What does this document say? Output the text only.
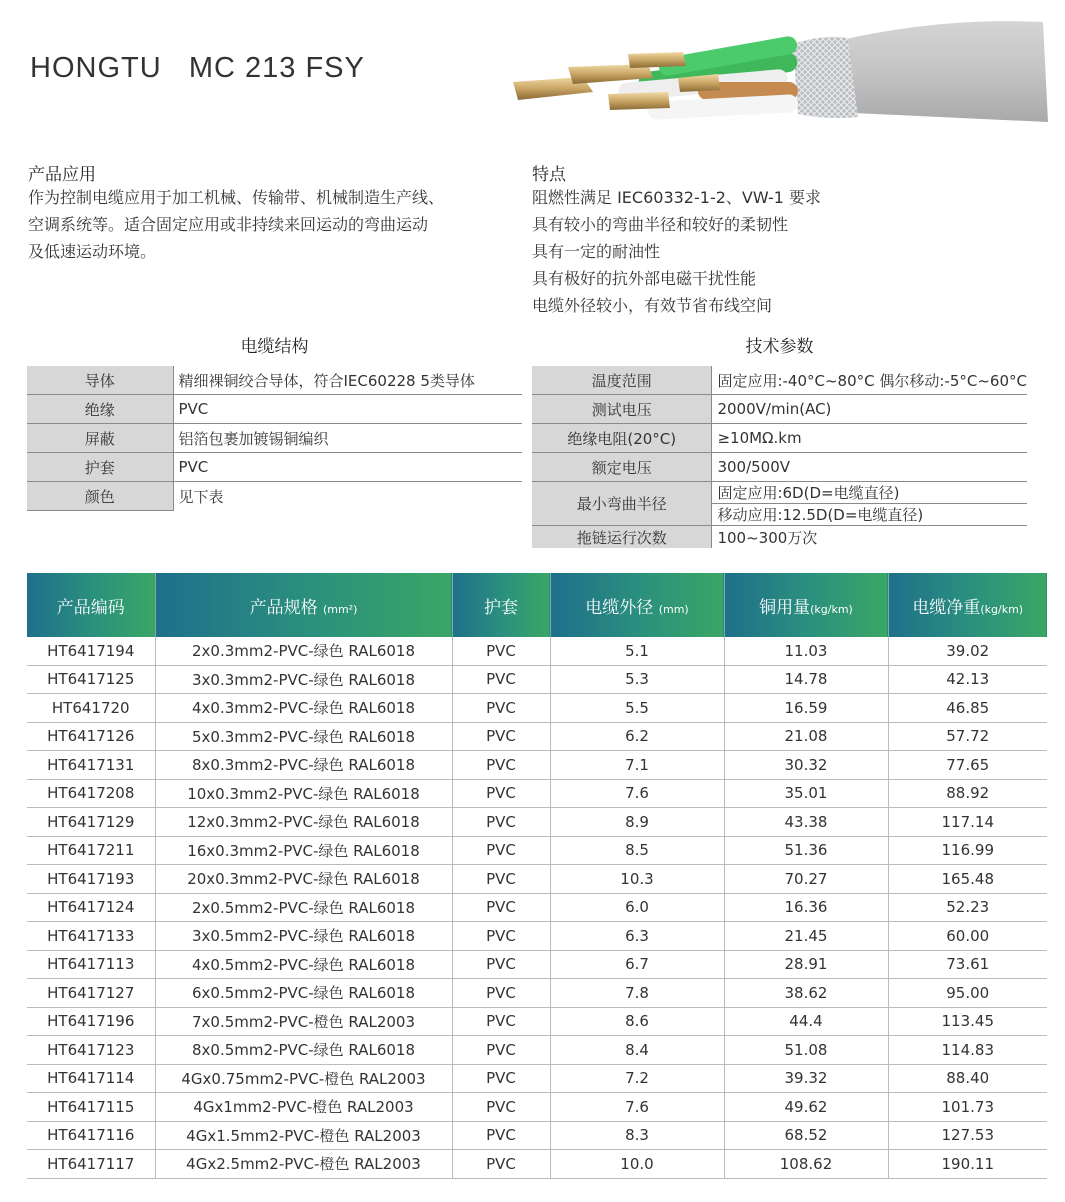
HONGTU MC 213 FSY
产品应用
作为控制电缆应用于加工机械、传输带、机械制造生产线、
空调系统等。适合固定应用或非持续来回运动的弯曲运动
及低速运动环境。
特点
阻燃性满足 IEC60332-1-2、VW-1 要求
具有较小的弯曲半径和较好的柔韧性
具有一定的耐油性
具有极好的抗外部电磁干扰性能
电缆外径较小，有效节省布线空间
电缆结构
导体	精细裸铜绞合导体，符合IEC60228 5类导体
绝缘	PVC
屏蔽	铝箔包裹加镀锡铜编织
护套	PVC
颜色	见下表
技术参数
温度范围	固定应用:-40°C~80°C 偶尔移动:-5°C~60°C
测试电压	2000V/min(AC)
绝缘电阻(20°C)	≥10MΩ.km
额定电压	300/500V
最小弯曲半径	固定应用:6D(D=电缆直径)
	移动应用:12.5D(D=电缆直径)
拖链运行次数	100~300万次
产品编码	产品规格 (mm²)	护套	电缆外径 (mm)	铜用量(kg/km)	电缆净重(kg/km)
HT6417194	2x0.3mm2-PVC-绿色 RAL6018	PVC	5.1	11.03	39.02
HT6417125	3x0.3mm2-PVC-绿色 RAL6018	PVC	5.3	14.78	42.13
HT641720	4x0.3mm2-PVC-绿色 RAL6018	PVC	5.5	16.59	46.85
HT6417126	5x0.3mm2-PVC-绿色 RAL6018	PVC	6.2	21.08	57.72
HT6417131	8x0.3mm2-PVC-绿色 RAL6018	PVC	7.1	30.32	77.65
HT6417208	10x0.3mm2-PVC-绿色 RAL6018	PVC	7.6	35.01	88.92
HT6417129	12x0.3mm2-PVC-绿色 RAL6018	PVC	8.9	43.38	117.14
HT6417211	16x0.3mm2-PVC-绿色 RAL6018	PVC	8.5	51.36	116.99
HT6417193	20x0.3mm2-PVC-绿色 RAL6018	PVC	10.3	70.27	165.48
HT6417124	2x0.5mm2-PVC-绿色 RAL6018	PVC	6.0	16.36	52.23
HT6417133	3x0.5mm2-PVC-绿色 RAL6018	PVC	6.3	21.45	60.00
HT6417113	4x0.5mm2-PVC-绿色 RAL6018	PVC	6.7	28.91	73.61
HT6417127	6x0.5mm2-PVC-绿色 RAL6018	PVC	7.8	38.62	95.00
HT6417196	7x0.5mm2-PVC-橙色 RAL2003	PVC	8.6	44.4	113.45
HT6417123	8x0.5mm2-PVC-绿色 RAL6018	PVC	8.4	51.08	114.83
HT6417114	4Gx0.75mm2-PVC-橙色 RAL2003	PVC	7.2	39.32	88.40
HT6417115	4Gx1mm2-PVC-橙色 RAL2003	PVC	7.6	49.62	101.73
HT6417116	4Gx1.5mm2-PVC-橙色 RAL2003	PVC	8.3	68.52	127.53
HT6417117	4Gx2.5mm2-PVC-橙色 RAL2003	PVC	10.0	108.62	190.11
